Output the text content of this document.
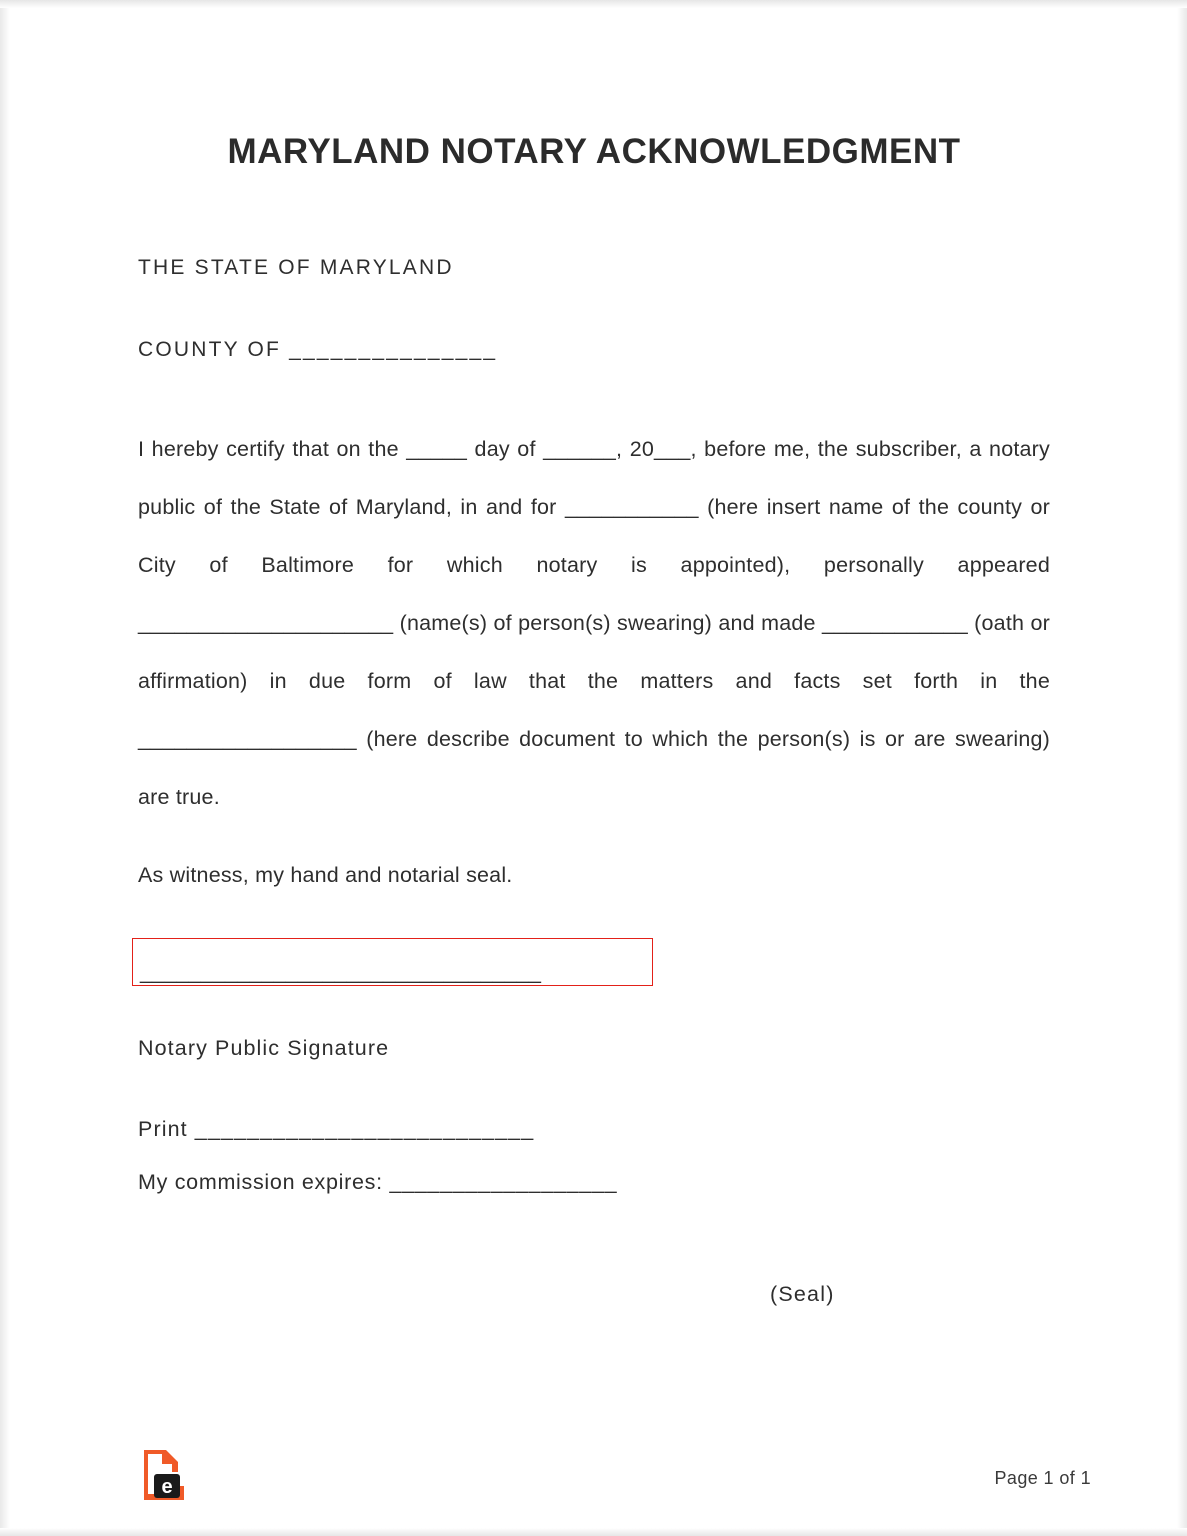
MARYLAND NOTARY ACKNOWLEDGMENT

THE STATE OF MARYLAND

COUNTY OF _______________

I hereby certify that on the _____ day of ______, 20___, before me, the subscriber, a notary public of the State of Maryland, in and for ___________ (here insert name of the county or City of Baltimore for which notary is appointed), personally appeared _____________________ (name(s) of person(s) swearing) and made ____________ (oath or affirmation) in due form of law that the matters and facts set forth in the __________________ (here describe document to which the person(s) is or are swearing) are true.

As witness, my hand and notarial seal.

_________________________________

Notary Public Signature

Print __________________________

My commission expires: __________________

(Seal)
e	Page 1 of 1
